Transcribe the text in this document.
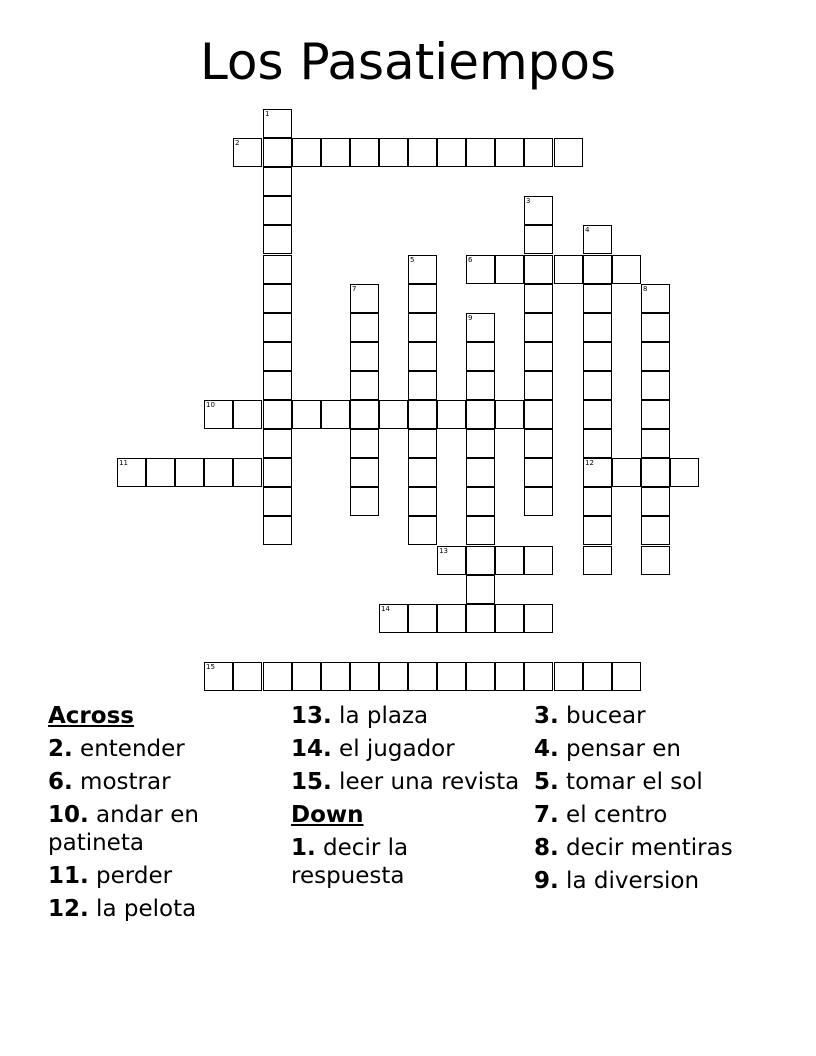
Los Pasatiempos
1
2
3
4
12
5	6
7	8
9
10
11
13
14
15
Across
2. entender
6. mostrar
10. andar en patineta
11. perder
12. la pelota
13. la plaza
14. el jugador
15. leer una revista
Down
1. decir la respuesta
3. bucear
4. pensar en
5. tomar el sol
7. el centro
8. decir mentiras
9. la diversion
